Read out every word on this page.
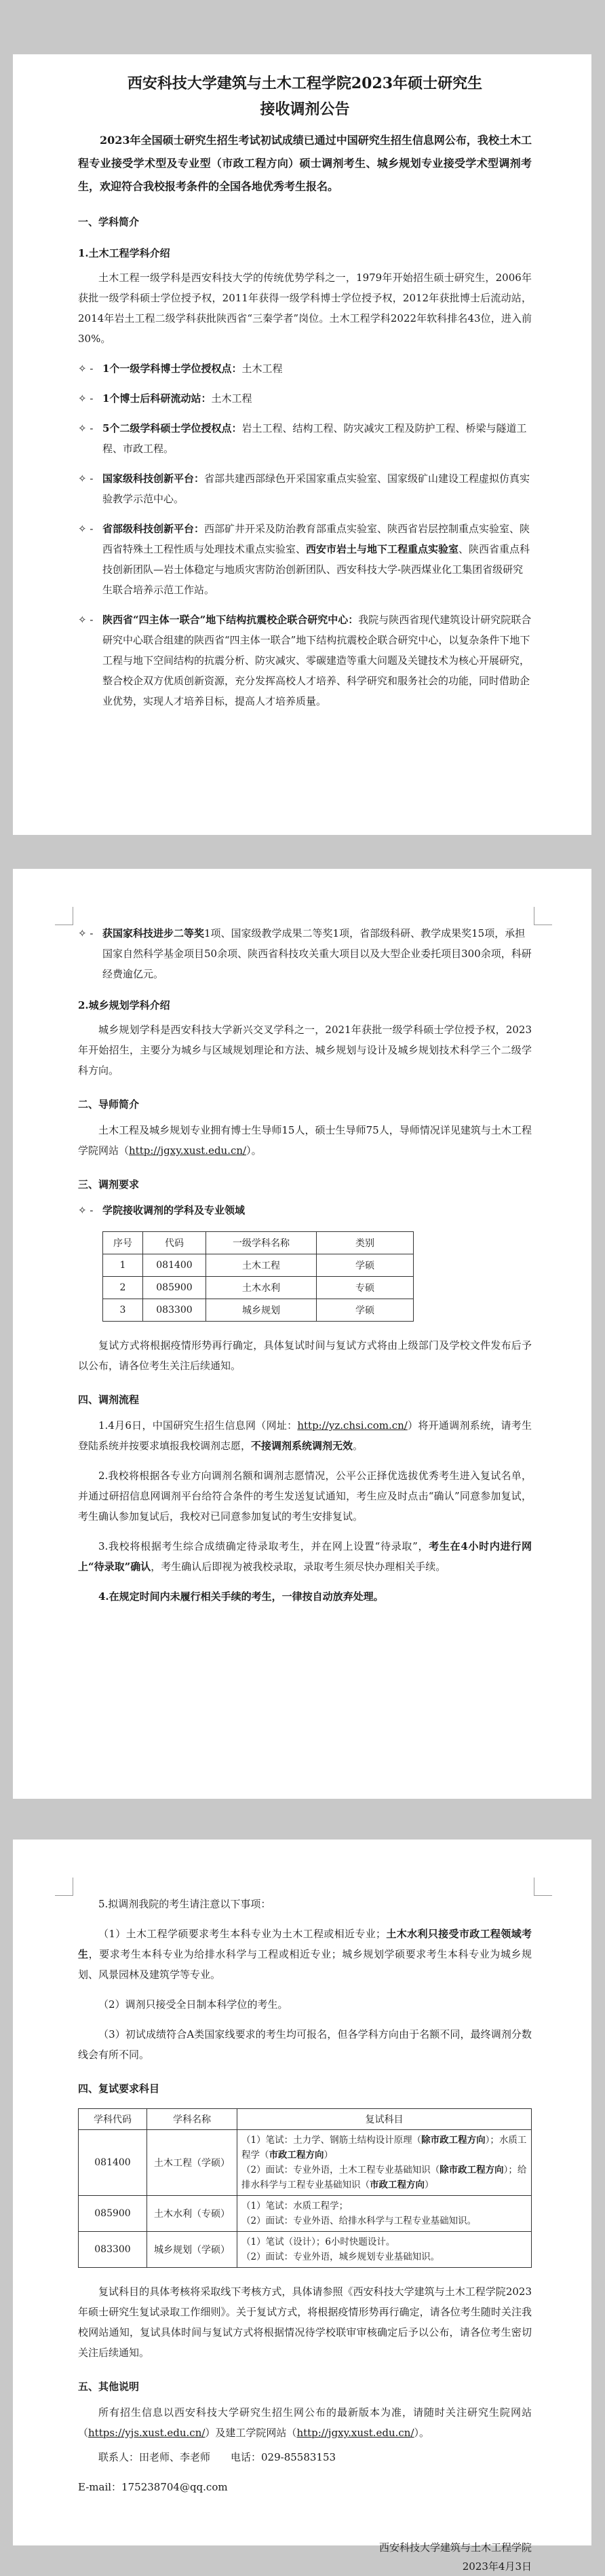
西安科技大学建筑与土木工程学院2023年硕士研究生
接收调剂公告

2023年全国硕士研究生招生考试初试成绩已通过中国研究生招生信息网公布，我校土木工程专业接受学术型及专业型（市政工程方向）硕士调剂考生、城乡规划专业接受学术型调剂考生，欢迎符合我校报考条件的全国各地优秀考生报名。

一、学科简介
1.土木工程学科介绍

土木工程一级学科是西安科技大学的传统优势学科之一，1979年开始招生硕士研究生，2006年获批一级学科硕士学位授予权，2011年获得一级学科博士学位授予权，2012年获批博士后流动站，2014年岩土工程二级学科获批陕西省“三秦学者”岗位。土木工程学科2022年软科排名43位，进入前30%。

✧ - 1个一级学科博士学位授权点：土木工程
✧ - 1个博士后科研流动站：土木工程
✧ - 5个二级学科硕士学位授权点：岩土工程、结构工程、防灾减灾工程及防护工程、桥梁与隧道工程、市政工程。
✧ - 国家级科技创新平台：省部共建西部绿色开采国家重点实验室、国家级矿山建设工程虚拟仿真实验教学示范中心。
✧ - 省部级科技创新平台：西部矿井开采及防治教育部重点实验室、陕西省岩层控制重点实验室、陕西省特殊土工程性质与处理技术重点实验室、西安市岩土与地下工程重点实验室、陕西省重点科技创新团队—岩土体稳定与地质灾害防治创新团队、西安科技大学-陕西煤业化工集团省级研究生联合培养示范工作站。
✧ - 陕西省“四主体一联合”地下结构抗震校企联合研究中心：我院与陕西省现代建筑设计研究院联合研究中心联合组建的陕西省“四主体一联合”地下结构抗震校企联合研究中心，以复杂条件下地下工程与地下空间结构的抗震分析、防灾减灾、零碳建造等重大问题及关键技术为核心开展研究，整合校企双方优质创新资源，充分发挥高校人才培养、科学研究和服务社会的功能，同时借助企业优势，实现人才培养目标，提高人才培养质量。
✧ - 获国家科技进步二等奖1项、国家级教学成果二等奖1项，省部级科研、教学成果奖15项，承担国家自然科学基金项目50余项、陕西省科技攻关重大项目以及大型企业委托项目300余项，科研经费逾亿元。
2.城乡规划学科介绍

城乡规划学科是西安科技大学新兴交叉学科之一，2021年获批一级学科硕士学位授予权，2023年开始招生，主要分为城乡与区域规划理论和方法、城乡规划与设计及城乡规划技术科学三个二级学科方向。

二、导师简介

土木工程及城乡规划专业拥有博士生导师15人，硕士生导师75人，导师情况详见建筑与土木工程学院网站（http://jgxy.xust.edu.cn/）。

三、调剂要求
✧ - 学院接收调剂的学科及专业领域
序号	代码	一级学科名称	类别
1	081400	土木工程	学硕
2	085900	土木水利	专硕
3	083300	城乡规划	学硕

复试方式将根据疫情形势再行确定，具体复试时间与复试方式将由上级部门及学校文件发布后予以公布，请各位考生关注后续通知。

四、调剂流程

1.4月6日，中国研究生招生信息网（网址：http://yz.chsi.com.cn/）将开通调剂系统，请考生登陆系统并按要求填报我校调剂志愿，不接调剂系统调剂无效。

2.我校将根据各专业方向调剂名额和调剂志愿情况，公平公正择优选拔优秀考生进入复试名单，并通过研招信息网调剂平台给符合条件的考生发送复试通知，考生应及时点击“确认”同意参加复试，考生确认参加复试后，我校对已同意参加复试的考生安排复试。

3.我校将根据考生综合成绩确定待录取考生，并在网上设置“待录取”，考生在4小时内进行网上“待录取”确认，考生确认后即视为被我校录取，录取考生须尽快办理相关手续。

4.在规定时间内未履行相关手续的考生，一律按自动放弃处理。

5.拟调剂我院的考生请注意以下事项：

（1）土木工程学硕要求考生本科专业为土木工程或相近专业；土木水利只接受市政工程领域考生，要求考生本科专业为给排水科学与工程或相近专业；城乡规划学硕要求考生本科专业为城乡规划、风景园林及建筑学等专业。

（2）调剂只接受全日制本科学位的考生。

（3）初试成绩符合A类国家线要求的考生均可报名，但各学科方向由于名额不同，最终调剂分数线会有所不同。

四、复试要求科目
学科代码	学科名称	复试科目
081400	土木工程（学硕）	（1）笔试：土力学、钢筋土结构设计原理（除市政工程方向）；水质工程学（市政工程方向）
（2）面试：专业外语，土木工程专业基础知识（除市政工程方向）；给排水科学与工程专业基础知识（市政工程方向）

085900	土木水利（专硕）	（1）笔试：水质工程学；
（2）面试：专业外语、给排水科学与工程专业基础知识。

083300	城乡规划（学硕）	（1）笔试（设计）；6小时快题设计。
（2）面试：专业外语，城乡规划专业基础知识。

复试科目的具体考核将采取线下考核方式，具体请参照《西安科技大学建筑与土木工程学院2023年硕士研究生复试录取工作细则》。关于复试方式，将根据疫情形势再行确定，请各位考生随时关注我校网站通知，复试具体时间与复试方式将根据情况待学校联审审核确定后予以公布，请各位考生密切关注后续通知。

五、其他说明

所有招生信息以西安科技大学研究生招生网公布的最新版本为准，请随时关注研究生院网站（https://yjs.xust.edu.cn/）及建工学院网站（http://jgxy.xust.edu.cn/）。

联系人：田老师、李老师　　电话：029-85583153

E-mail：175238704@qq.com

西安科技大学建筑与土木工程学院
2023年4月3日
